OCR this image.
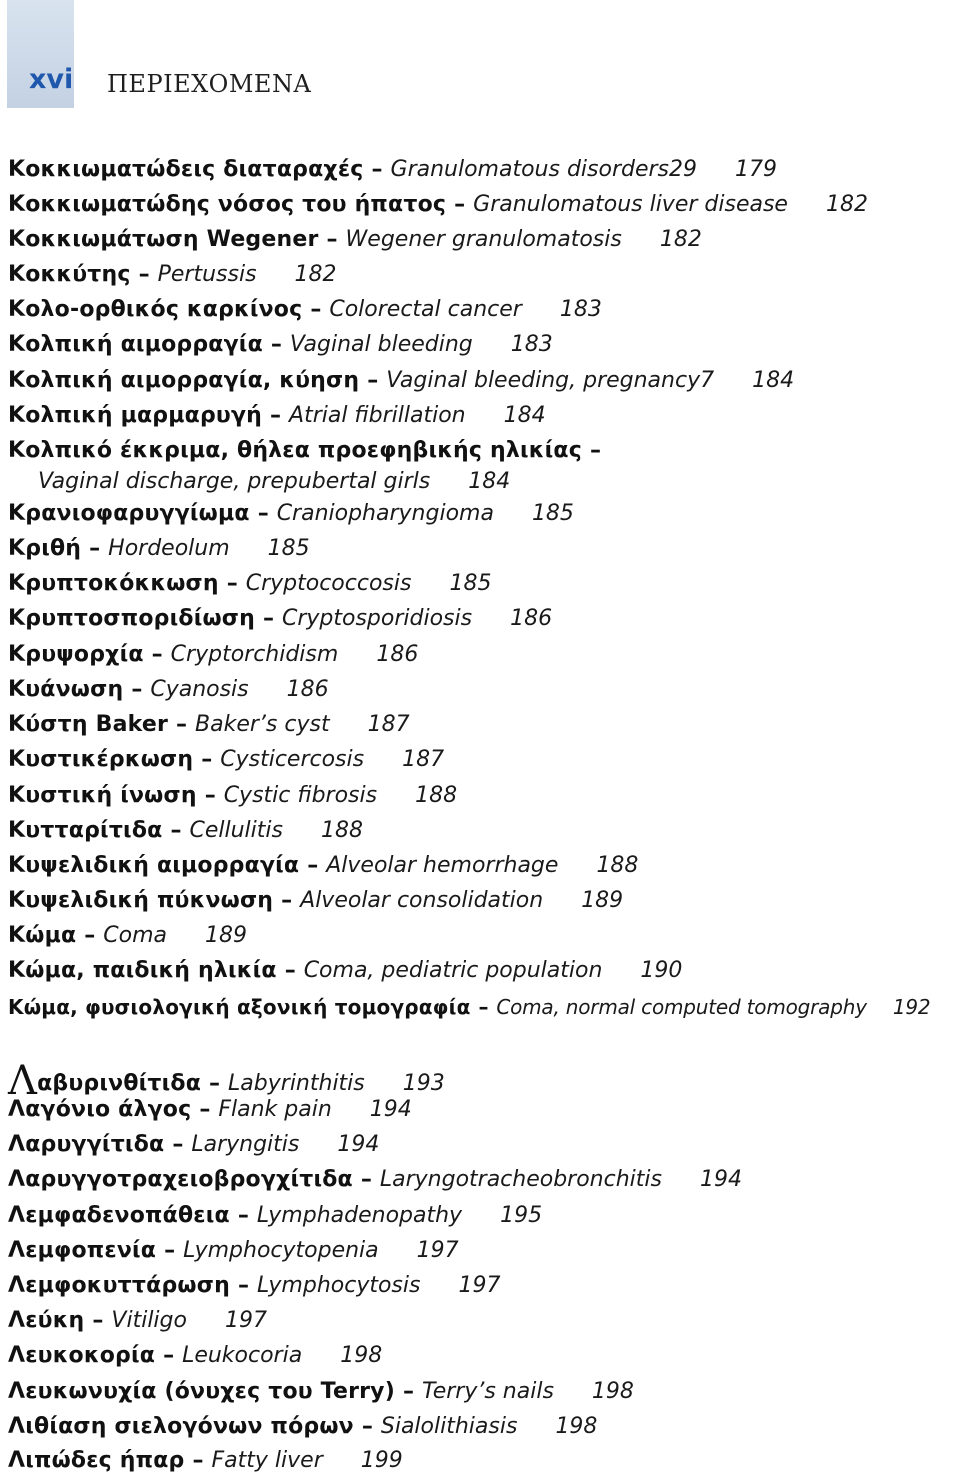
xvi ΠΕΡΙΕΧΟΜΕΝΑ
Κοκκιωματώδεις διαταραχές – Granulomatous disorders29 179
Κοκκιωματώδης νόσος του ήπατος – Granulomatous liver disease 182
Κοκκιωμάτωση Wegener – Wegener granulomatosis 182
Κοκκύτης – Pertussis 182
Κολο-ορθικός καρκίνος – Colorectal cancer 183
Κολπική αιμορραγία – Vaginal bleeding 183
Κολπική αιμορραγία, κύηση – Vaginal bleeding, pregnancy7 184
Κολπική μαρμαρυγή – Atrial fibrillation 184
Κολπικό έκκριμα, θήλεα προεφηβικής ηλικίας –
Vaginal discharge, prepubertal girls 184
Κρανιοφαρυγγίωμα – Craniopharyngioma 185
Κριθή – Hordeolum 185
Κρυπτοκόκκωση – Cryptococcosis 185
Κρυπτοσποριδίωση – Cryptosporidiosis 186
Κρυψορχία – Cryptorchidism 186
Κυάνωση – Cyanosis 186
Κύστη Baker – Baker’s cyst 187
Κυστικέρκωση – Cysticercosis 187
Κυστική ίνωση – Cystic fibrosis 188
Κυτταρίτιδα – Cellulitis 188
Κυψελιδική αιμορραγία – Alveolar hemorrhage 188
Κυψελιδική πύκνωση – Alveolar consolidation 189
Κώμα – Coma 189
Κώμα, παιδική ηλικία – Coma, pediatric population 190
Κώμα, φυσιολογική αξονική τομογραφία – Coma, normal computed tomography 192
Λαβυρινθίτιδα – Labyrinthitis 193
Λαγόνιο άλγος – Flank pain 194
Λαρυγγίτιδα – Laryngitis 194
Λαρυγγοτραχειοβρογχίτιδα – Laryngotracheobronchitis 194
Λεμφαδενοπάθεια – Lymphadenopathy 195
Λεμφοπενία – Lymphocytopenia 197
Λεμφοκυττάρωση – Lymphocytosis 197
Λεύκη – Vitiligo 197
Λευκοκορία – Leukocoria 198
Λευκωνυχία (όνυχες του Terry) – Terry’s nails 198
Λιθίαση σιελογόνων πόρων – Sialolithiasis 198
Λιπώδες ήπαρ – Fatty liver 199
